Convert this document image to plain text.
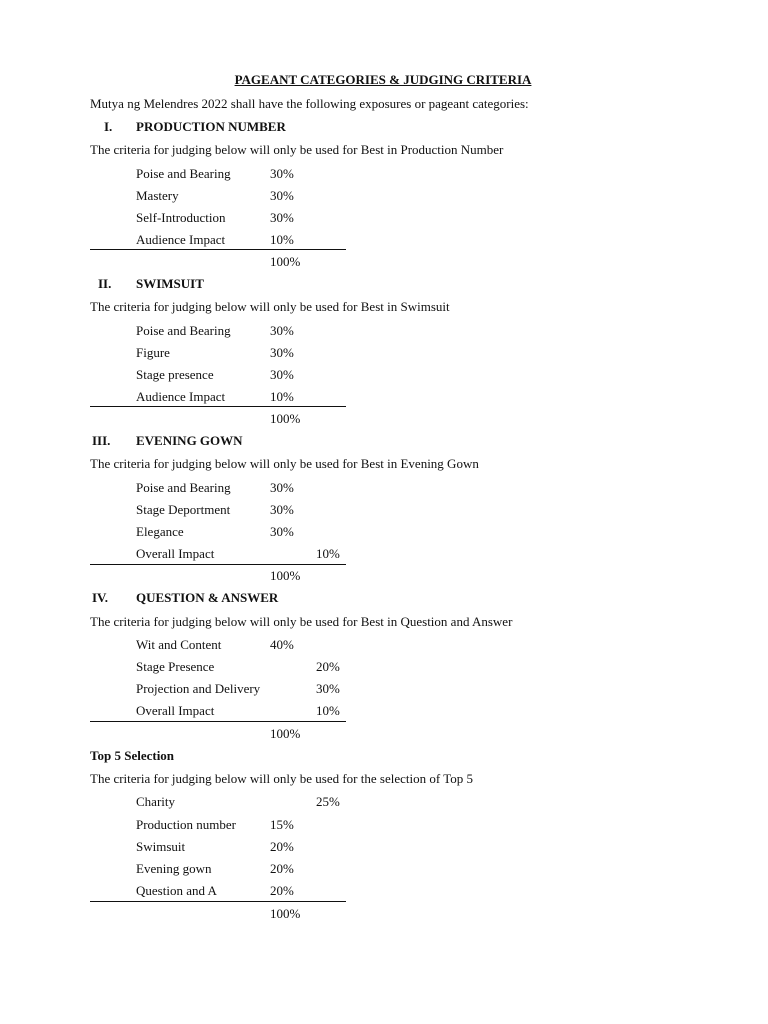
PAGEANT CATEGORIES & JUDGING CRITERIA
Mutya ng Melendres 2022 shall have the following exposures or pageant categories:
I. PRODUCTION NUMBER
The criteria for judging below will only be used for Best in Production Number
Poise and Bearing	30%
Mastery	30%
Self-Introduction	30%
Audience Impact	10%
100%
II. SWIMSUIT
The criteria for judging below will only be used for Best in Swimsuit
Poise and Bearing	30%
Figure	30%
Stage presence	30%
Audience Impact	10%
100%
III. EVENING GOWN
The criteria for judging below will only be used for Best in Evening Gown
Poise and Bearing	30%
Stage Deportment	30%
Elegance	30%
Overall Impact	10%
100%
IV. QUESTION & ANSWER
The criteria for judging below will only be used for Best in Question and Answer
Wit and Content	40%
Stage Presence	20%
Projection and Delivery	30%
Overall Impact	10%
100%
Top 5 Selection
The criteria for judging below will only be used for the selection of Top 5
Charity	25%
Production number	15%
Swimsuit	20%
Evening gown	20%
Question and A	20%
100%
